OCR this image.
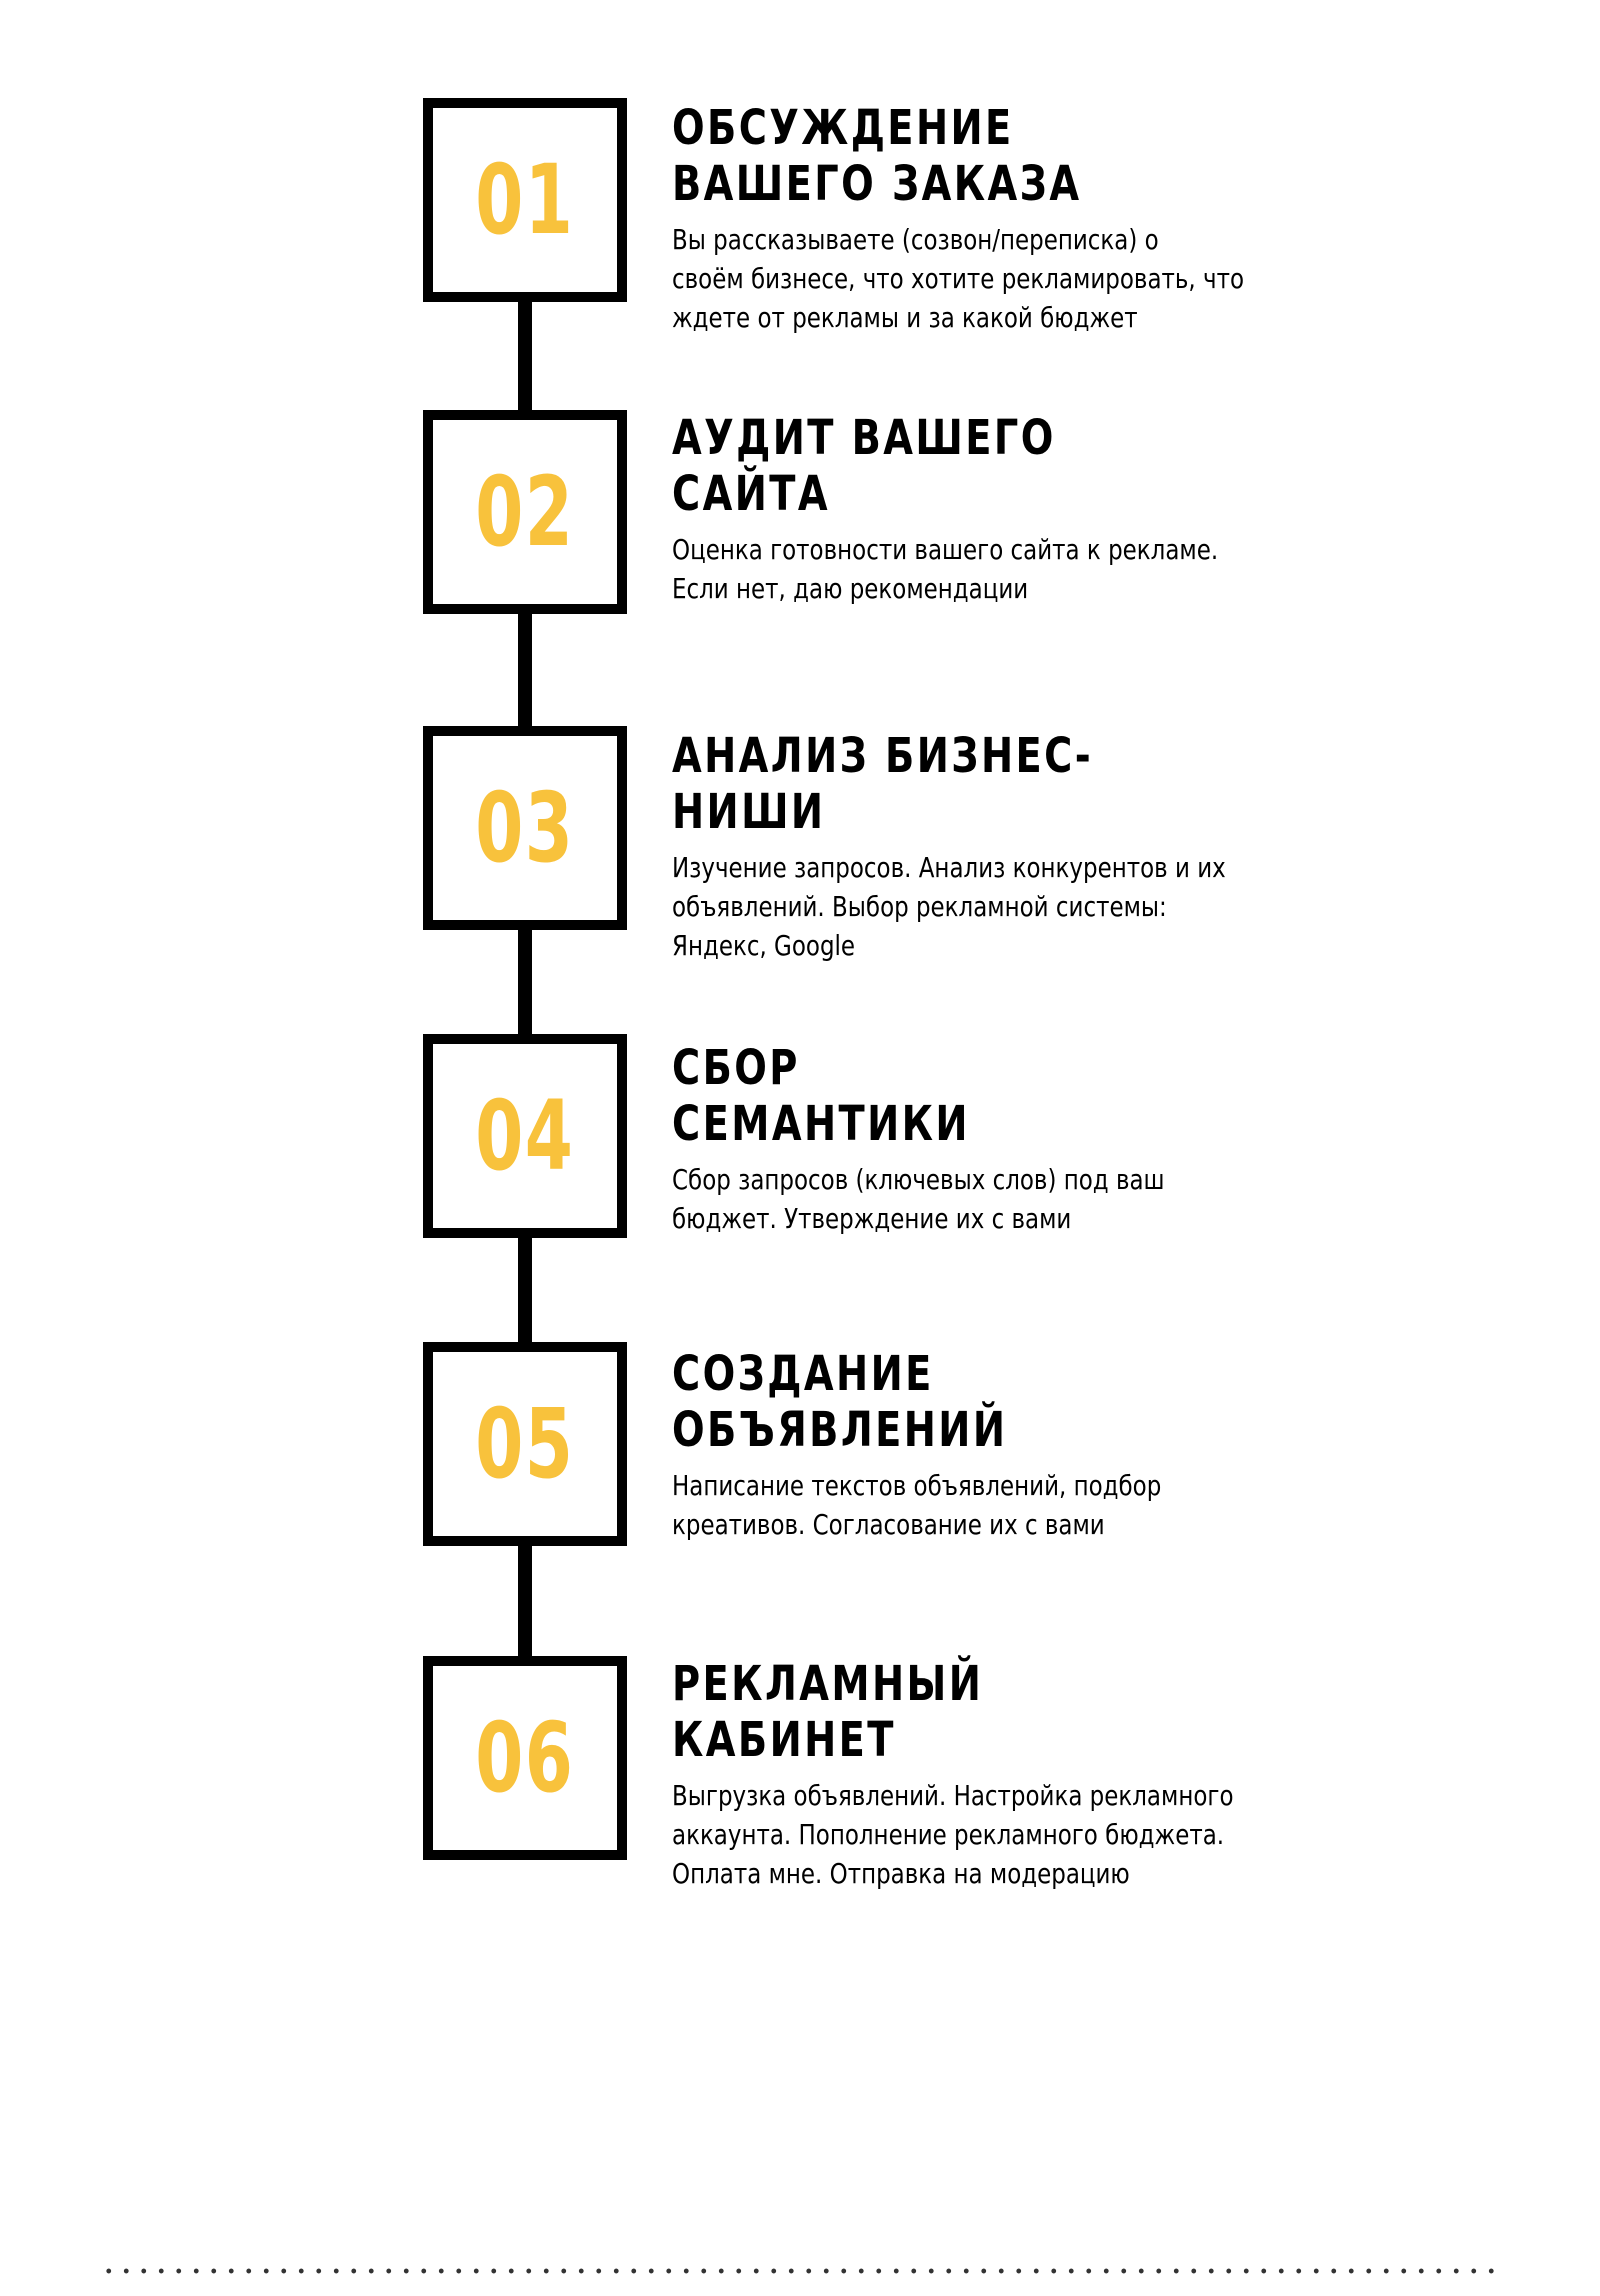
01
ОБСУЖДЕНИЕ
ВАШЕГО ЗАКАЗА
Вы рассказываете (созвон/переписка) о
своём бизнесе, что хотите рекламировать, что
ждете от рекламы и за какой бюджет
02
АУДИТ ВАШЕГО
САЙТА
Оценка готовности вашего сайта к рекламе.
Если нет, даю рекомендации
03
АНАЛИЗ БИЗНЕС-
НИШИ
Изучение запросов. Анализ конкурентов и их
объявлений. Выбор рекламной системы:
Яндекс, Google
04
СБОР
СЕМАНТИКИ
Сбор запросов (ключевых слов) под ваш
бюджет. Утверждение их с вами
05
СОЗДАНИЕ
ОБЪЯВЛЕНИЙ
Написание текстов объявлений, подбор
креативов. Согласование их с вами
06
РЕКЛАМНЫЙ
КАБИНЕТ
Выгрузка объявлений. Настройка рекламного
аккаунта. Пополнение рекламного бюджета.
Оплата мне. Отправка на модерацию
